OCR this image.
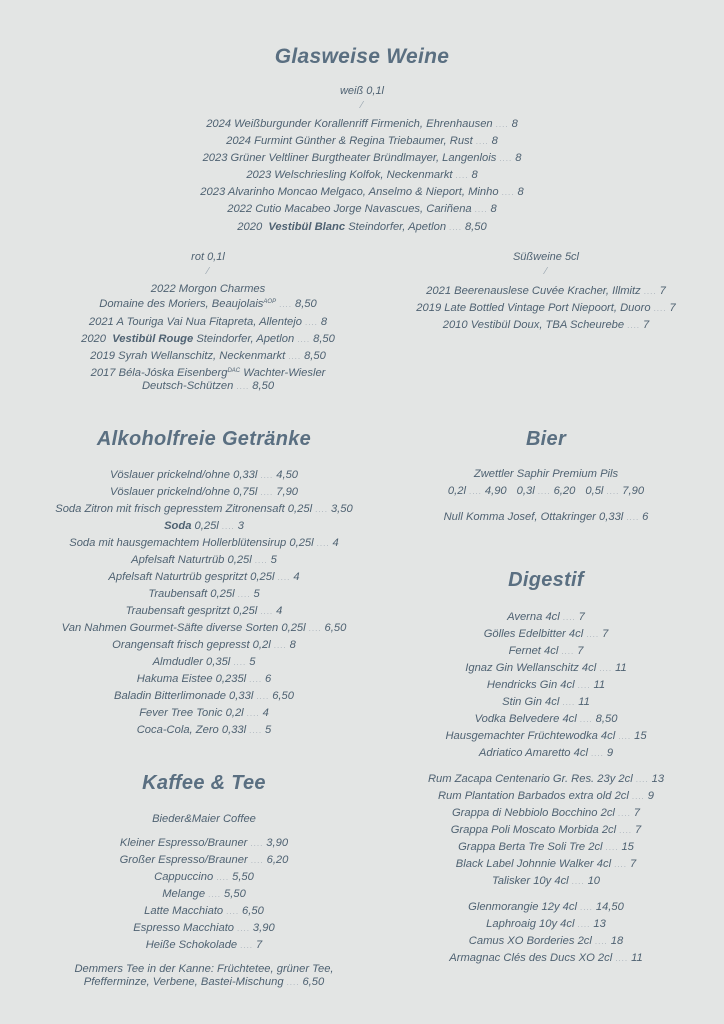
Glasweise Weine
weiß 0,1l
⁄
2024 Weißburgunder Korallenriff Firmenich, Ehrenhausen .... 8
2024 Furmint Günther & Regina Triebaumer, Rust .... 8
2023 Grüner Veltliner Burgtheater Bründlmayer, Langenlois .... 8
2023 Welschriesling Kolfok, Neckenmarkt .... 8
2023 Alvarinho Moncao Melgaco, Anselmo & Nieport, Minho .... 8
2022 Cutio Macabeo Jorge Navascues, Cariñena .... 8
2020 Vestibül Blanc Steindorfer, Apetlon .... 8,50
rot 0,1l
⁄
2022 Morgon Charmes
Domaine des Moriers, Beaujolais$^{AOP}$ .... 8,50
2021 A Touriga Vai Nua Fitapreta, Allentejo .... 8
2020 Vestibül Rouge Steindorfer, Apetlon .... 8,50
2019 Syrah Wellanschitz, Neckenmarkt .... 8,50
2017 Béla-Jóska Eisenberg$^{DAC}$ Wachter-Wiesler
Deutsch-Schützen .... 8,50
Süßweine 5cl
⁄
2021 Beerenauslese Cuvée Kracher, Illmitz .... 7
2019 Late Bottled Vintage Port Niepoort, Duoro .... 7
2010 Vestibül Doux, TBA Scheurebe .... 7
Alkoholfreie Getränke
Vöslauer prickelnd/ohne 0,33l .... 4,50
Vöslauer prickelnd/ohne 0,75l .... 7,90
Soda Zitron mit frisch gepresstem Zitronensaft 0,25l .... 3,50
Soda 0,25l .... 3
Soda mit hausgemachtem Hollerblütensirup 0,25l .... 4
Apfelsaft Naturtrüb 0,25l .... 5
Apfelsaft Naturtrüb gespritzt 0,25l .... 4
Traubensaft 0,25l .... 5
Traubensaft gespritzt 0,25l .... 4
Van Nahmen Gourmet-Säfte diverse Sorten 0,25l .... 6,50
Orangensaft frisch gepresst 0,2l .... 8
Almdudler 0,35l .... 5
Hakuma Eistee 0,235l .... 6
Baladin Bitterlimonade 0,33l .... 6,50
Fever Tree Tonic 0,2l .... 4
Coca-Cola, Zero 0,33l .... 5
Kaffee & Tee
Bieder&Maier Coffee
Kleiner Espresso/Brauner .... 3,90
Großer Espresso/Brauner .... 6,20
Cappuccino .... 5,50
Melange .... 5,50
Latte Macchiato .... 6,50
Espresso Macchiato .... 3,90
Heiße Schokolade .... 7
Demmers Tee in der Kanne: Früchtetee, grüner Tee,
Pfefferminze, Verbene, Bastei-Mischung .... 6,50
Bier
Zwettler Saphir Premium Pils
0,2l .... 4,90 0,3l .... 6,20 0,5l .... 7,90
Null Komma Josef, Ottakringer 0,33l .... 6
Digestif
Averna 4cl .... 7
Gölles Edelbitter 4cl .... 7
Fernet 4cl .... 7
Ignaz Gin Wellanschitz 4cl .... 11
Hendricks Gin 4cl .... 11
Stin Gin 4cl .... 11
Vodka Belvedere 4cl .... 8,50
Hausgemachter Früchtewodka 4cl .... 15
Adriatico Amaretto 4cl .... 9
Rum Zacapa Centenario Gr. Res. 23y 2cl .... 13
Rum Plantation Barbados extra old 2cl .... 9
Grappa di Nebbiolo Bocchino 2cl .... 7
Grappa Poli Moscato Morbida 2cl .... 7
Grappa Berta Tre Soli Tre 2cl .... 15
Black Label Johnnie Walker 4cl .... 7
Talisker 10y 4cl .... 10
Glenmorangie 12y 4cl .... 14,50
Laphroaig 10y 4cl .... 13
Camus XO Borderies 2cl .... 18
Armagnac Clés des Ducs XO 2cl .... 11
